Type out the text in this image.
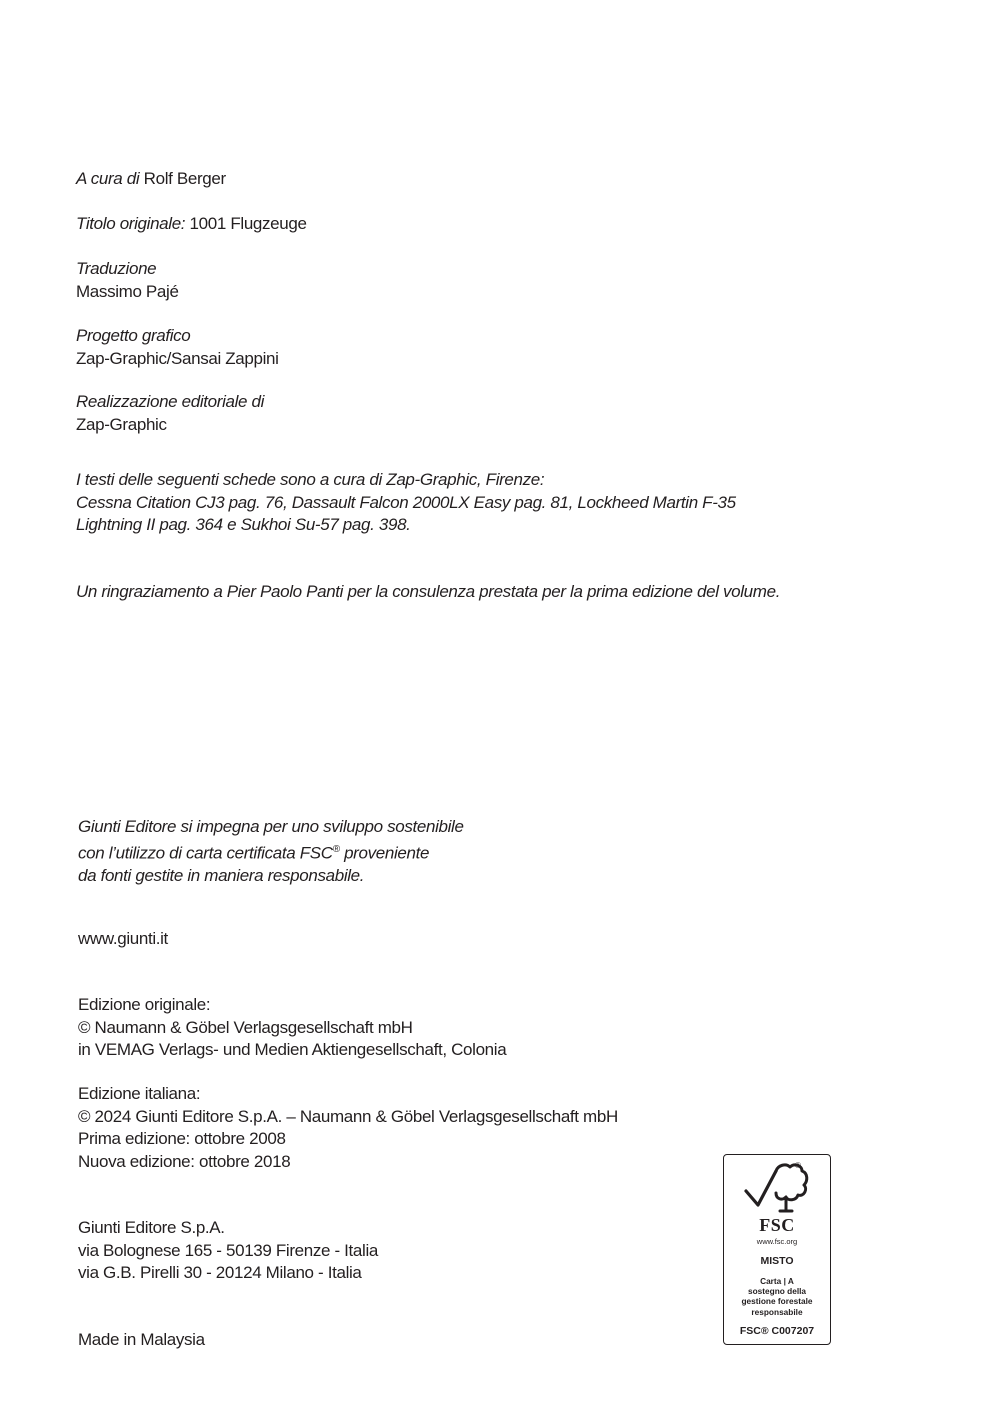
A cura di Rolf Berger
Titolo originale: 1001 Flugzeuge
Traduzione
Massimo Pajé
Progetto grafico
Zap-Graphic/Sansai Zappini
Realizzazione editoriale di
Zap-Graphic
I testi delle seguenti schede sono a cura di Zap-Graphic, Firenze:
Cessna Citation CJ3 pag. 76, Dassault Falcon 2000LX Easy pag. 81, Lockheed Martin F-35
Lightning II pag. 364 e Sukhoi Su-57 pag. 398.
Un ringraziamento a Pier Paolo Panti per la consulenza prestata per la prima edizione del volume.
Giunti Editore si impegna per uno sviluppo sostenibile
con l’utilizzo di carta certificata FSC® proveniente
da fonti gestite in maniera responsabile.
www.giunti.it
Edizione originale:
© Naumann & Göbel Verlagsgesellschaft mbH
in VEMAG Verlags- und Medien Aktiengesellschaft, Colonia
Edizione italiana:
© 2024 Giunti Editore S.p.A. – Naumann & Göbel Verlagsgesellschaft mbH
Prima edizione: ottobre 2008
Nuova edizione: ottobre 2018
Giunti Editore S.p.A.
via Bolognese 165 - 50139 Firenze - Italia
via G.B. Pirelli 30 - 20124 Milano - Italia
Made in Malaysia
®
FSC
www.fsc.org
MISTO
Carta | A
sostegno della
gestione forestale
responsabile
FSC® C007207
